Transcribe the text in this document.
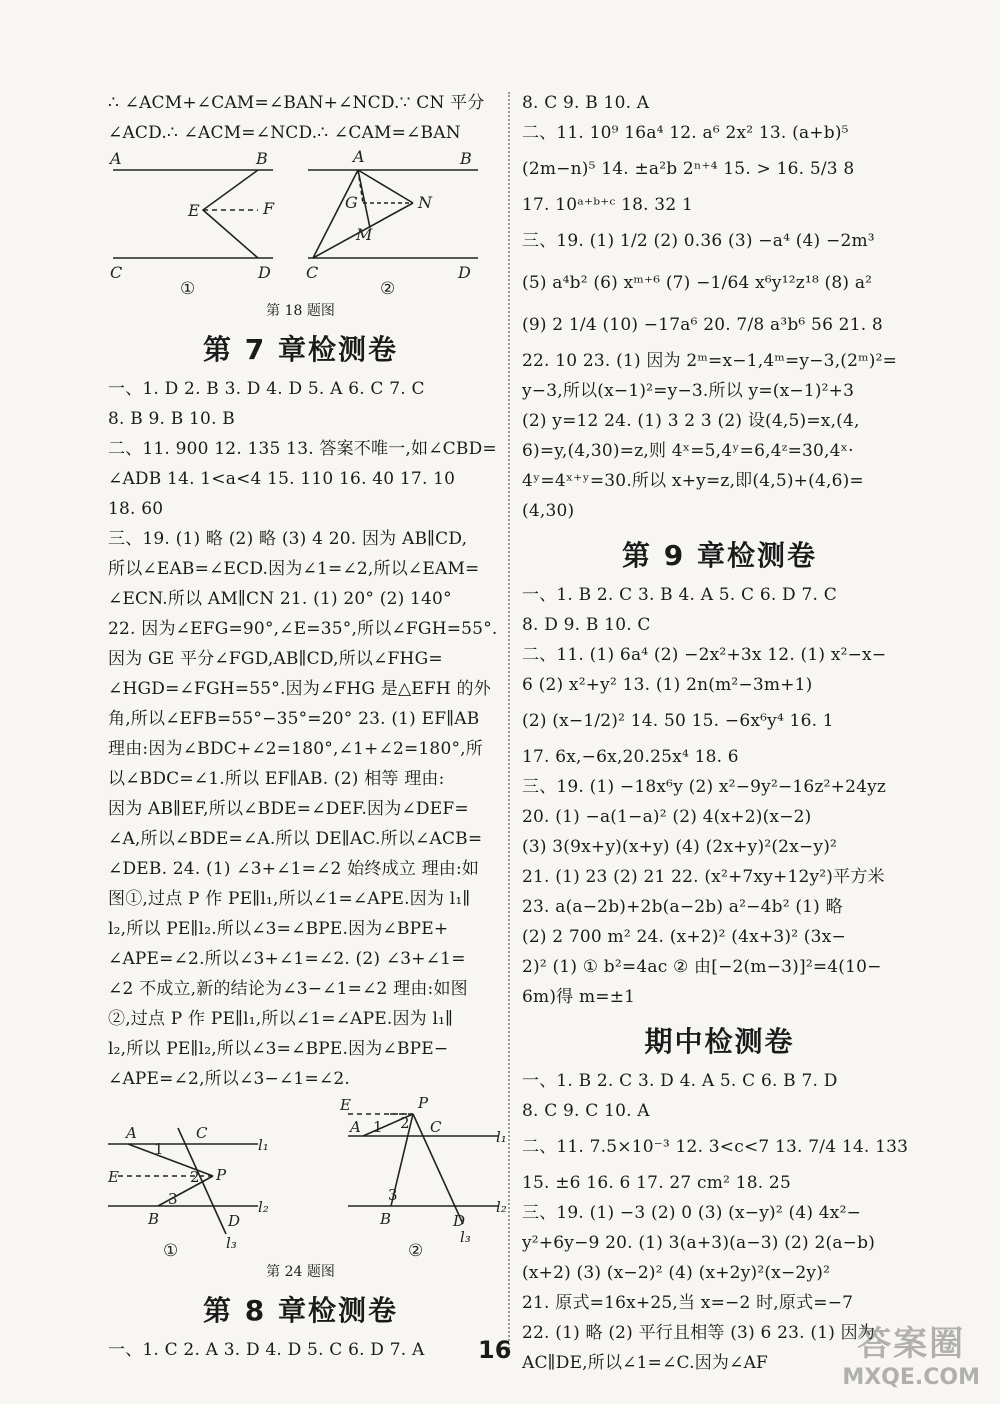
∴ ∠ACM+∠CAM=∠BAN+∠NCD.∵ CN 平分
∠ACD.∴ ∠ACM=∠NCD.∴ ∠CAM=∠BAN
A	B
C	D
E	F
A	B
C	D
G	N
M
①	②
第 18 题图
第 7 章检测卷
一、1. D 2. B 3. D 4. D 5. A 6. C 7. C
8. B 9. B 10. B
二、11. 900 12. 135 13. 答案不唯一,如∠CBD=
∠ADB 14. 1<a<4 15. 110 16. 40 17. 10
18. 60
三、19. (1) 略 (2) 略 (3) 4 20. 因为 AB∥CD,
所以∠EAB=∠ECD.因为∠1=∠2,所以∠EAM=
∠ECN.所以 AM∥CN 21. (1) 20° (2) 140°
22. 因为∠EFG=90°,∠E=35°,所以∠FGH=55°.
因为 GE 平分∠FGD,AB∥CD,所以∠FHG=
∠HGD=∠FGH=55°.因为∠FHG 是△EFH 的外
角,所以∠EFB=55°−35°=20° 23. (1) EF∥AB
理由:因为∠BDC+∠2=180°,∠1+∠2=180°,所
以∠BDC=∠1.所以 EF∥AB. (2) 相等 理由:
因为 AB∥EF,所以∠BDE=∠DEF.因为∠DEF=
∠A,所以∠BDE=∠A.所以 DE∥AC.所以∠ACB=
∠DEB. 24. (1) ∠3+∠1=∠2 始终成立 理由:如
图①,过点 P 作 PE∥l₁,所以∠1=∠APE.因为 l₁∥
l₂,所以 PE∥l₂.所以∠3=∠BPE.因为∠BPE+
∠APE=∠2.所以∠3+∠1=∠2. (2) ∠3+∠1=
∠2 不成立,新的结论为∠3−∠1=∠2 理由:如图
②,过点 P 作 PE∥l₁,所以∠1=∠APE.因为 l₁∥
l₂,所以 PE∥l₂,所以∠3=∠BPE.因为∠BPE−
∠APE=∠2,所以∠3−∠1=∠2.
A	C
l₁
E	P
1
2
3
B	D
l₂
l₃
E	P
A 1 2 C
l₁
3
B	D
l₂
l₃
①	②
第 24 题图
第 8 章检测卷
一、1. C 2. A 3. D 4. D 5. C 6. D 7. A
8. C 9. B 10. A
二、11. 10⁹ 16a⁴ 12. a⁶ 2x² 13. (a+b)⁵
(2m−n)⁵ 14. ±a²b 2ⁿ⁺⁴ 15. > 16. 5/3 8
17. 10ᵃ⁺ᵇ⁺ᶜ 18. 32 1
三、19. (1) 1/2 (2) 0.36 (3) −a⁴ (4) −2m³
(5) a⁴b² (6) xᵐ⁺⁶ (7) −1/64 x⁶y¹²z¹⁸ (8) a²
(9) 2 1/4 (10) −17a⁶ 20. 7/8 a³b⁶ 56 21. 8
22. 10 23. (1) 因为 2ᵐ=x−1,4ᵐ=y−3,(2ᵐ)²=
y−3,所以(x−1)²=y−3.所以 y=(x−1)²+3
(2) y=12 24. (1) 3 2 3 (2) 设(4,5)=x,(4,
6)=y,(4,30)=z,则 4ˣ=5,4ʸ=6,4ᶻ=30,4ˣ·
4ʸ=4ˣ⁺ʸ=30.所以 x+y=z,即(4,5)+(4,6)=
(4,30)
第 9 章检测卷
一、1. B 2. C 3. B 4. A 5. C 6. D 7. C
8. D 9. B 10. C
二、11. (1) 6a⁴ (2) −2x²+3x 12. (1) x²−x−
6 (2) x²+y² 13. (1) 2n(m²−3m+1)
(2) (x−1/2)² 14. 50 15. −6x⁶y⁴ 16. 1
17. 6x,−6x,20.25x⁴ 18. 6
三、19. (1) −18x⁶y (2) x²−9y²−16z²+24yz
20. (1) −a(1−a)² (2) 4(x+2)(x−2)
(3) 3(9x+y)(x+y) (4) (2x+y)²(2x−y)²
21. (1) 23 (2) 21 22. (x²+7xy+12y²)平方米
23. a(a−2b)+2b(a−2b) a²−4b² (1) 略
(2) 2 700 m² 24. (x+2)² (4x+3)² (3x−
2)² (1) ① b²=4ac ② 由[−2(m−3)]²=4(10−
6m)得 m=±1
期中检测卷
一、1. B 2. C 3. D 4. A 5. C 6. B 7. D
8. C 9. C 10. A
二、11. 7.5×10⁻³ 12. 3<c<7 13. 7/4 14. 133
15. ±6 16. 6 17. 27 cm² 18. 25
三、19. (1) −3 (2) 0 (3) (x−y)² (4) 4x²−
y²+6y−9 20. (1) 3(a+3)(a−3) (2) 2(a−b)
(x+2) (3) (x−2)² (4) (x+2y)²(x−2y)²
21. 原式=16x+25,当 x=−2 时,原式=−7
22. (1) 略 (2) 平行且相等 (3) 6 23. (1) 因为
AC∥DE,所以∠1=∠C.因为∠AF
16	答案圈
MXQE.COM
